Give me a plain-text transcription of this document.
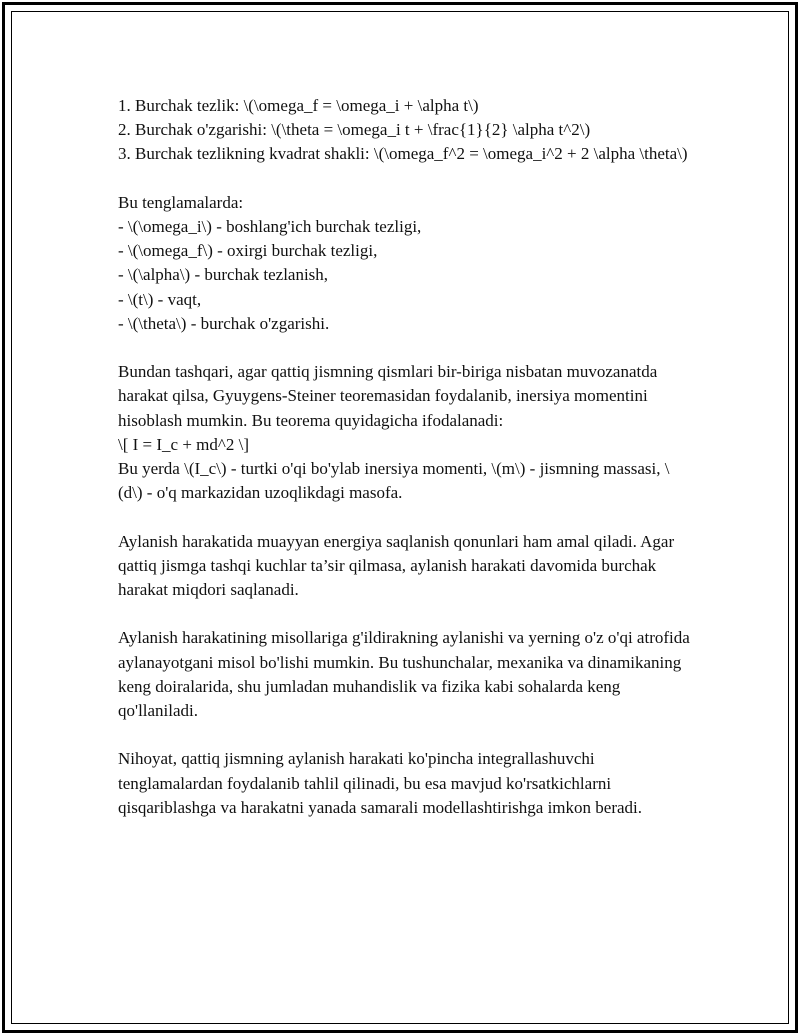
1. Burchak tezlik: \(\omega_f = \omega_i + \alpha t\)
2. Burchak o'zgarishi: \(\theta = \omega_i t + \frac{1}{2} \alpha t^2\)
3. Burchak tezlikning kvadrat shakli: \(\omega_f^2 = \omega_i^2 + 2 \alpha \theta\)
Bu tenglamalarda:
- \(\omega_i\) - boshlang'ich burchak tezligi,
- \(\omega_f\) - oxirgi burchak tezligi,
- \(\alpha\) - burchak tezlanish,
- \(t\) - vaqt,
- \(\theta\) - burchak o'zgarishi.
Bundan tashqari, agar qattiq jismning qismlari bir-biriga nisbatan muvozanatda harakat qilsa, Gyuygens-Steiner teoremasidan foydalanib, inersiya momentini hisoblash mumkin. Bu teorema quyidagicha ifodalanadi:
\[ I = I_c + md^2 \]
Bu yerda \(I_c\) - turtki o'qi bo'ylab inersiya momenti, \(m\) - jismning massasi, \(d\) - o'q markazidan uzoqlikdagi masofa.
Aylanish harakatida muayyan energiya saqlanish qonunlari ham amal qiladi. Agar qattiq jismga tashqi kuchlar ta’sir qilmasa, aylanish harakati davomida burchak harakat miqdori saqlanadi.
Aylanish harakatining misollariga g'ildirakning aylanishi va yerning o'z o'qi atrofida aylanayotgani misol bo'lishi mumkin. Bu tushunchalar, mexanika va dinamikaning keng doiralarida, shu jumladan muhandislik va fizika kabi sohalarda keng qo'llaniladi.
Nihoyat, qattiq jismning aylanish harakati ko'pincha integrallashuvchi tenglamalardan foydalanib tahlil qilinadi, bu esa mavjud ko'rsatkichlarni qisqariblashga va harakatni yanada samarali modellashtirishga imkon beradi.
